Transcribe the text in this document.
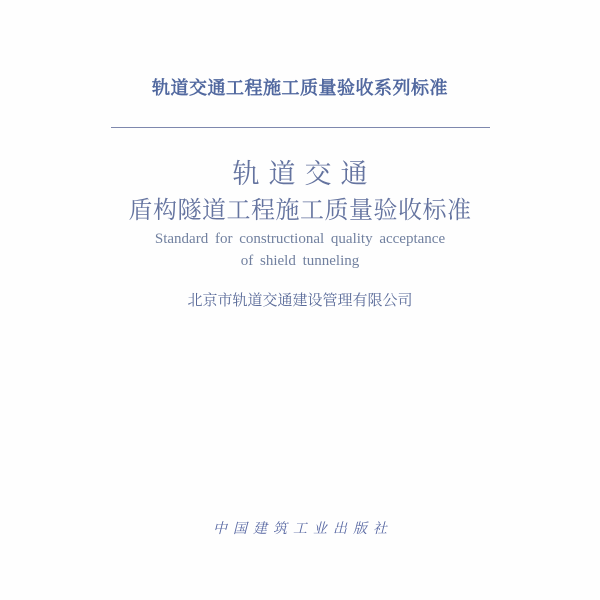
轨道交通工程施工质量验收系列标准
轨道交通
盾构隧道工程施工质量验收标准
Standard for constructional quality acceptance
of shield tunneling
北京市轨道交通建设管理有限公司
中国建筑工业出版社
